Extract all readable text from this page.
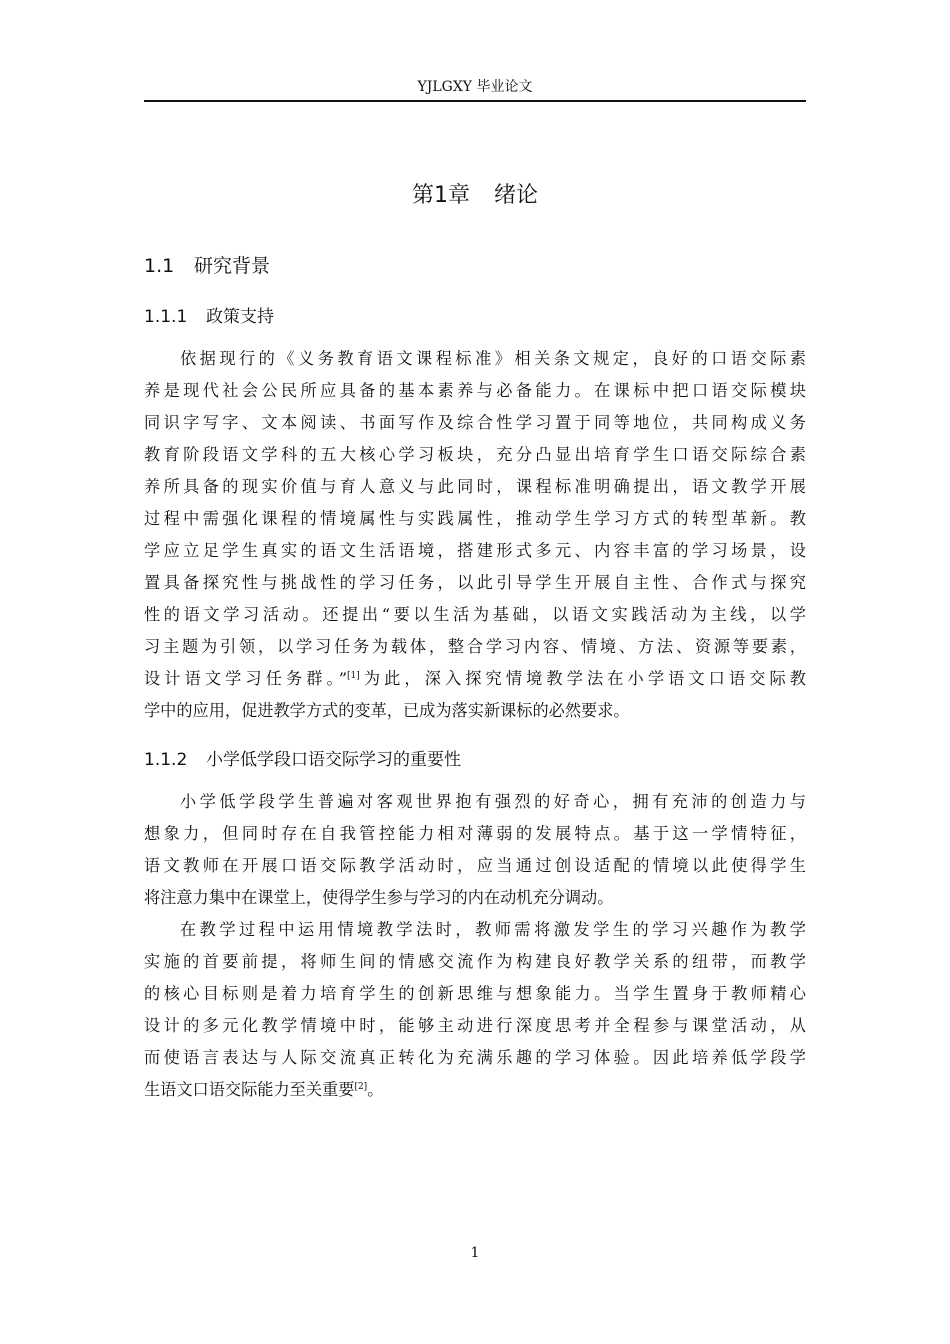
YJLGXY 毕业论文
第1章 绪论
1.1 研究背景
1.1.1 政策支持
依据现行的《义务教育语文课程标准》相关条文规定，良好的口语交际素
养是现代社会公民所应具备的基本素养与必备能力。在课标中把口语交际模块
同识字写字、文本阅读、书面写作及综合性学习置于同等地位，共同构成义务
教育阶段语文学科的五大核心学习板块，充分凸显出培育学生口语交际综合素
养所具备的现实价值与育人意义与此同时，课程标准明确提出，语文教学开展
过程中需强化课程的情境属性与实践属性，推动学生学习方式的转型革新。教
学应立足学生真实的语文生活语境，搭建形式多元、内容丰富的学习场景，设
置具备探究性与挑战性的学习任务，以此引导学生开展自主性、合作式与探究
性的语文学习活动。还提出“要以生活为基础，以语文实践活动为主线，以学
习主题为引领，以学习任务为载体，整合学习内容、情境、方法、资源等要素，
设计语文学习任务群。”[1]为此，深入探究情境教学法在小学语文口语交际教
学中的应用，促进教学方式的变革，已成为落实新课标的必然要求。
1.1.2 小学低学段口语交际学习的重要性
小学低学段学生普遍对客观世界抱有强烈的好奇心，拥有充沛的创造力与
想象力，但同时存在自我管控能力相对薄弱的发展特点。基于这一学情特征，
语文教师在开展口语交际教学活动时，应当通过创设适配的情境以此使得学生
将注意力集中在课堂上，使得学生参与学习的内在动机充分调动。
在教学过程中运用情境教学法时，教师需将激发学生的学习兴趣作为教学
实施的首要前提，将师生间的情感交流作为构建良好教学关系的纽带，而教学
的核心目标则是着力培育学生的创新思维与想象能力。当学生置身于教师精心
设计的多元化教学情境中时，能够主动进行深度思考并全程参与课堂活动，从
而使语言表达与人际交流真正转化为充满乐趣的学习体验。因此培养低学段学
生语文口语交际能力至关重要[2]。
1
